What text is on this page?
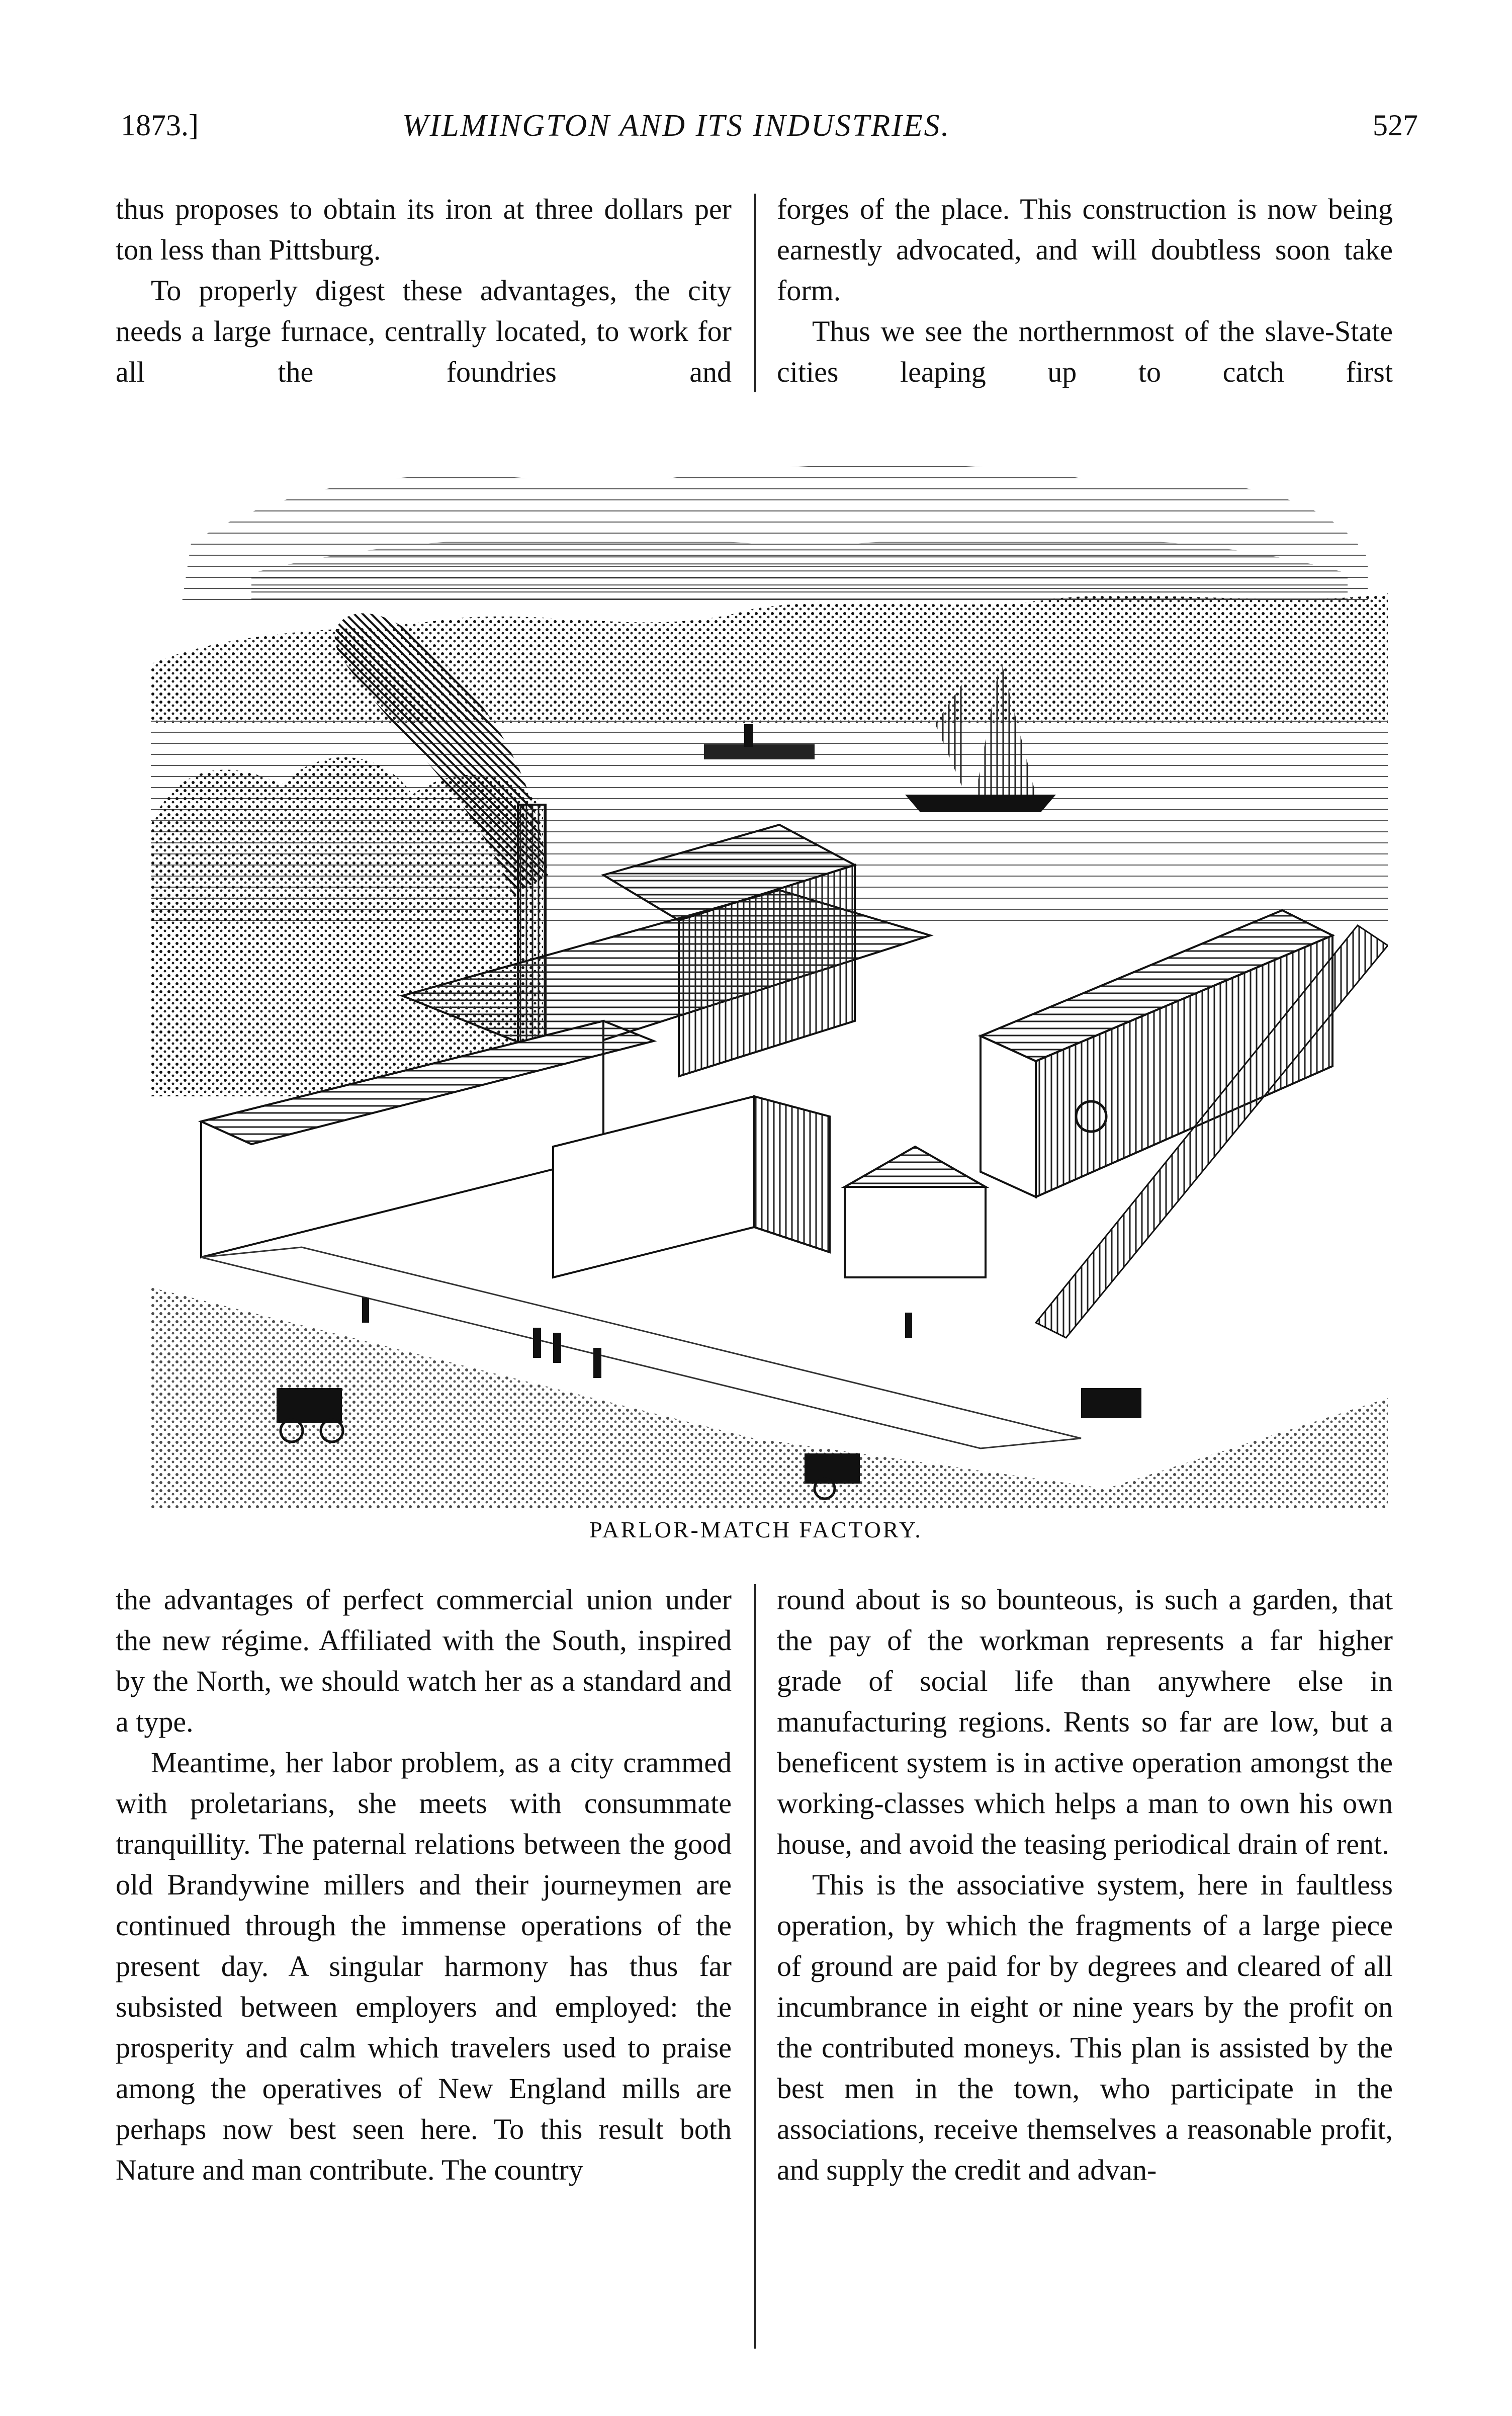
1873.]	WILMINGTON AND ITS INDUSTRIES.	527

thus proposes to obtain its iron at three dollars per ton less than Pittsburg.

To properly digest these advantages, the city needs a large furnace, centrally located, to work for all the foundries and

forges of the place. This construction is now being earnestly advocated, and will doubtless soon take form.

Thus we see the northernmost of the slave-State cities leaping up to catch first

PARLOR-MATCH FACTORY.

the advantages of perfect commercial union under the new régime. Affiliated with the South, inspired by the North, we should watch her as a standard and a type.

Meantime, her labor problem, as a city crammed with proletarians, she meets with consummate tranquillity. The paternal relations between the good old Brandywine millers and their journeymen are continued through the immense operations of the present day. A singular harmony has thus far subsisted between employers and employed: the prosperity and calm which travelers used to praise among the operatives of New England mills are perhaps now best seen here. To this result both Nature and man contribute. The country

round about is so bounteous, is such a garden, that the pay of the workman represents a far higher grade of social life than anywhere else in manufacturing regions. Rents so far are low, but a beneficent system is in active operation amongst the working-classes which helps a man to own his own house, and avoid the teasing periodical drain of rent.

This is the associative system, here in faultless operation, by which the fragments of a large piece of ground are paid for by degrees and cleared of all incumbrance in eight or nine years by the profit on the contributed moneys. This plan is assisted by the best men in the town, who participate in the associations, receive themselves a reasonable profit, and supply the credit and advan-
